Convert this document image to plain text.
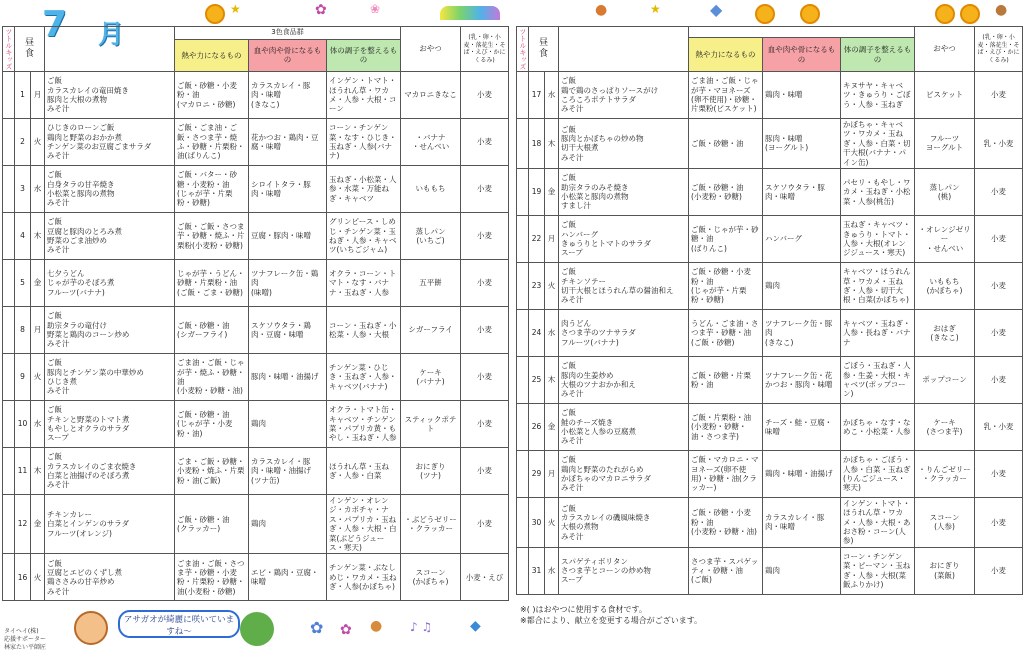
7 月
★	✿	❀	●	★	◆	●
ツトルキッズ	昼
食			3色食品群			おやつ	(乳・卵・小麦・落花生・そば・えび・かにくるみ)
				熱や力になるもの	血や肉や骨になるもの	体の調子を整えるもの		
	1	月	ご飯
カラスカレイの竜田焼き
豚肉と大根の煮物
みそ汁	ご飯・砂糖・小麦粉・油
(マカロニ・砂糖)	カラスカレイ・豚肉・味噌
(きなこ)	インゲン・トマト・ほうれん草・ワカメ・人参・大根・コーン	マカロニきなこ	小麦
	2	火	ひじきのローンご飯
鶏肉と野菜のおかか煮
チンゲン菜のお豆腐ごまサラダ
みそ汁	ご飯・ごま油・ご飯・さつま芋・焼ふ・砂糖・片栗粉・油(ばりんこ)	花かつお・鶏肉・豆腐・味噌	コーン・チンゲン菜・なす・ひじき・玉ねぎ・人参(バナナ)	・バナナ
・せんべい	小麦
	3	水	ご飯
白身タラの甘辛焼き
小松菜と豚肉の煮物
みそ汁	ご飯・バター・砂糖・小麦粉・油
(じゃが芋・片栗粉・砂糖)	シロイトタラ・豚肉・味噌	玉ねぎ・小松菜・人参・水菜・万能ねぎ・キャベツ	いももち	小麦
	4	木	ご飯
豆腐と豚肉のとろみ煮
野菜のごま油炒め
みそ汁	ご飯・ご飯・さつま芋・砂糖・焼ふ・片栗粉(小麦粉・砂糖)	豆腐・豚肉・味噌	グリンピース・しめじ・チンゲン菜・玉ねぎ・人参・キャベツ(いちごジャム)	蒸しパン
(いちご)	小麦
	5	金	七夕うどん
じゃが芋のそぼろ煮
フルーツ(バナナ)	じゃが芋・うどん・砂糖・片栗粉・油
(ご飯・ごま・砂糖)	ツナフレーク缶・鶏肉
(味噌)	オクラ・コーン・トマト・なす・バナナ・玉ねぎ・人参	五平餅	小麦
	8	月	ご飯
助宗タラの竜付け
野菜と鶏肉のコーン炒め
みそ汁	ご飯・砂糖・油
(シガーフライ)	スケソウタラ・鶏肉・豆腐・味噌	コーン・玉ねぎ・小松菜・人参・大根	シガーフライ	小麦
	9	火	ご飯
豚肉とチンゲン菜の中華炒め
ひじき煮
みそ汁	ごま油・ご飯・じゃが芋・焼ふ・砂糖・油
(小麦粉・砂糖・油)	豚肉・味噌・油揚げ	チンゲン菜・ひじき・玉ねぎ・人参・キャベツ(バナナ)	ケーキ
(バナナ)	小麦
	10	水	ご飯
チキンと野菜のトマト煮
もやしとオクラのサラダ
スープ	ご飯・砂糖・油
(じゃが芋・小麦粉・油)	鶏肉	オクラ・トマト缶・キャベツ・チンゲン菜・パプリカ黄・もやし・玉ねぎ・人参	スティックポテト	小麦
	11	木	ご飯
カラスカレイのごま衣焼き
白菜と油揚げのそぼろ煮
みそ汁	ごま・ご飯・砂糖・小麦粉・焼ふ・片栗粉・油(ご飯)	カラスカレイ・豚肉・味噌・油揚げ
(ツナ缶)	ほうれん草・玉ねぎ・人参・白菜	おにぎり
(ツナ)	小麦
	12	金	チキンカレー
白菜とインゲンのサラダ
フルーツ(オレンジ)	ご飯・砂糖・油
(クラッカー)	鶏肉	インゲン・オレンジ・カボチャ・ナス・パプリカ・玉ねぎ・人参・大根・白菜(ぶどうジュース・寒天)	・ぶどうゼリー
・クラッカー	小麦
	16	火	ご飯
豆腐とエビのくずし煮
鶏ささみの甘辛炒め
みそ汁	ごま油・ご飯・さつま芋・砂糖・小麦粉・片栗粉・砂糖・油(小麦粉・砂糖)	エビ・鶏肉・豆腐・味噌	チンゲン菜・ぶなしめじ・ワカメ・玉ねぎ・人参(かぼちゃ)	スコーン
(かぼちゃ)	小麦・えび
ツトルキッズ	昼
食						おやつ	(乳・卵・小麦・落花生・そば・えび・かにくるみ)
				熱や力になるもの	血や肉や骨になるもの	体の調子を整えるもの		
	17	水	ご飯
鶏で鶏のさっぱりソースがけ
ころころポテトサラダ
みそ汁	ごま油・ご飯・じゃが芋・マヨネーズ(卵不使用)・砂糖・片栗粉(ビスケット)	鶏肉・味噌	キヌサヤ・キャベツ・きゅうり・ごぼう・人参・玉ねぎ	ビスケット	小麦
	18	木	ご飯
豚肉とかぼちゃの炒め物
切干大根煮
みそ汁	ご飯・砂糖・油	豚肉・味噌
(ヨーグルト)	かぼちゃ・キャベツ・ワカメ・玉ねぎ・人参・白菜・切干大根(バナナ・パイン缶)	フルーツ
ヨーグルト	乳・小麦
	19	金	ご飯
助宗タラのみそ焼き
小松菜と豚肉の煮物
すまし汁	ご飯・砂糖・油
(小麦粉・砂糖)	スケソウタラ・豚肉・味噌	パセリ・もやし・ワカメ・玉ねぎ・小松菜・人参(桃缶)	蒸しパン
(桃)	小麦
	22	月	ご飯
ハンバーグ
きゅうりとトマトのサラダ
スープ	ご飯・じゃが芋・砂糖・油
(ばりんこ)	ハンバーグ	玉ねぎ・キャベツ・きゅうり・トマト・人参・大根(オレンジジュース・寒天)	・オレンジゼリー
・せんべい	小麦
	23	火	ご飯
チキンソテー
切干大根とほうれん草の醤油和え
みそ汁	ご飯・砂糖・小麦粉・油
(じゃが芋・片栗粉・砂糖)	鶏肉	キャベツ・ほうれん草・ワカメ・玉ねぎ・人参・切干大根・白菜(かぼちゃ)	いももち
(かぼちゃ)	小麦
	24	水	肉うどん
さつま芋のツナサラダ
フルーツ(バナナ)	うどん・ごま油・さつま芋・砂糖・油
(ご飯・砂糖)	ツナフレーク缶・豚肉
(きなこ)	キャベツ・玉ねぎ・人参・長ねぎ・バナナ	おはぎ
(きなこ)	小麦
	25	木	ご飯
豚肉の生姜炒め
大根のツナおかか和え
みそ汁	ご飯・砂糖・片栗粉・油	ツナフレーク缶・花かつお・豚肉・味噌	ごぼう・玉ねぎ・人参・生姜・大根・キャベツ(ポップコーン)	ポップコーン	小麦
	26	金	ご飯
鮭のチーズ焼き
小松菜と人参の豆腐煮
みそ汁	ご飯・片栗粉・油
(小麦粉・砂糖・油・さつま芋)	チーズ・鮭・豆腐・味噌	かぼちゃ・なす・なめこ・小松菜・人参	ケーキ
(さつま芋)	乳・小麦
	29	月	ご飯
鶏肉と野菜のたれがらめ
かぼちゃのマカロニサラダ
みそ汁	ご飯・マカロニ・マヨネーズ(卵不使用)・砂糖・油(クラッカー)	鶏肉・味噌・油揚げ	かぼちゃ・ごぼう・人参・白菜・玉ねぎ(りんごジュース・寒天)	・りんごゼリー
・クラッカー	小麦
	30	火	ご飯
カラスカレイの磯風味焼き
大根の煮物
みそ汁	ご飯・砂糖・小麦粉・油
(小麦粉・砂糖・油)	カラスカレイ・豚肉・味噌	インゲン・トマト・ほうれん草・ワカメ・人参・大根・あおさ粉・コーン(人参)	スコーン
(人参)	小麦
	31	水	スパゲティボリタン
さつま芋とコーンの炒め物
スープ	さつま芋・スパゲッティ・砂糖・油
(ご飯)	鶏肉	コーン・チンゲン菜・ピーマン・玉ねぎ・人参・大根(菜飯ふりかけ)	おにぎり
(菜飯)	小麦
※( )はおやつに使用する食材です。
※都合により、献立を変更する場合がございます。
アサガオが綺麗に咲いていますね〜
タイヘイ(株)
応援サポーター
林家たい平師匠
✿ ✿ ● ♪ ♫	◆
